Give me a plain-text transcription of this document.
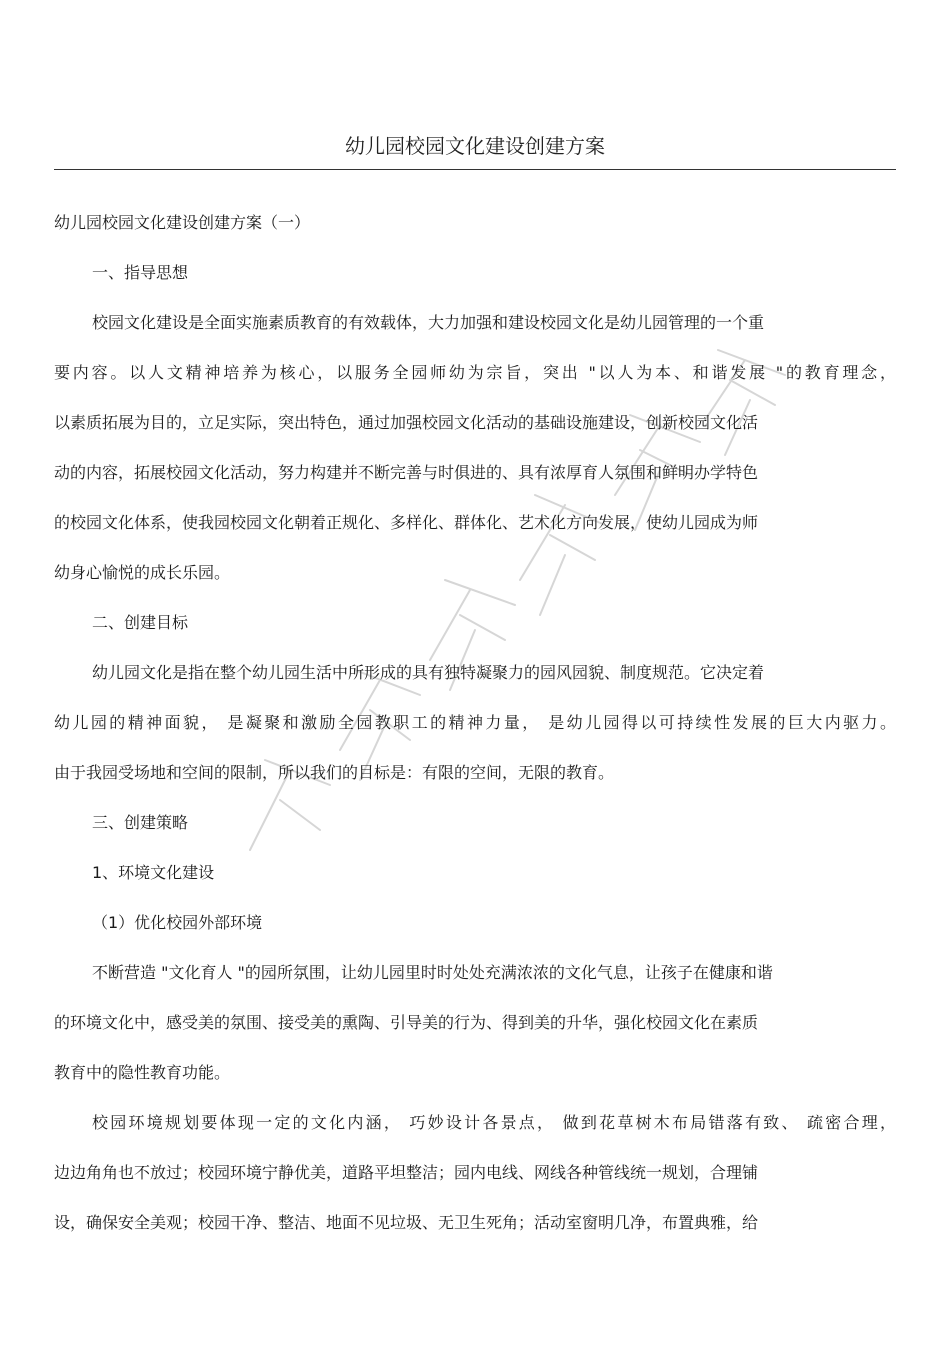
幼儿园校园文化建设创建方案
幼儿园校园文化建设创建方案（一）
一、指导思想
校园文化建设是全面实施素质教育的有效载体，大力加强和建设校园文化是幼儿园管理的一个重
要内容。以人文精神培养为核心，以服务全园师幼为宗旨，突出 "以人为本、和谐发展 "的教育理念，
以素质拓展为目的，立足实际，突出特色，通过加强校园文化活动的基础设施建设，创新校园文化活
动的内容，拓展校园文化活动，努力构建并不断完善与时俱进的、具有浓厚育人氛围和鲜明办学特色
的校园文化体系，使我园校园文化朝着正规化、多样化、群体化、艺术化方向发展，使幼儿园成为师
幼身心愉悦的成长乐园。
二、创建目标
幼儿园文化是指在整个幼儿园生活中所形成的具有独特凝聚力的园风园貌、制度规范。它决定着
幼儿园的精神面貌， 是凝聚和激励全园教职工的精神力量， 是幼儿园得以可持续性发展的巨大内驱力。
由于我园受场地和空间的限制，所以我们的目标是：有限的空间，无限的教育。
三、创建策略
1、环境文化建设
（1）优化校园外部环境
不断营造 "文化育人 "的园所氛围，让幼儿园里时时处处充满浓浓的文化气息，让孩子在健康和谐
的环境文化中，感受美的氛围、接受美的熏陶、引导美的行为、得到美的升华，强化校园文化在素质
教育中的隐性教育功能。
校园环境规划要体现一定的文化内涵， 巧妙设计各景点， 做到花草树木布局错落有致、 疏密合理，
边边角角也不放过；校园环境宁静优美，道路平坦整洁；园内电线、网线各种管线统一规划，合理铺
设，确保安全美观；校园干净、整洁、地面不见垃圾、无卫生死角；活动室窗明几净，布置典雅，给
